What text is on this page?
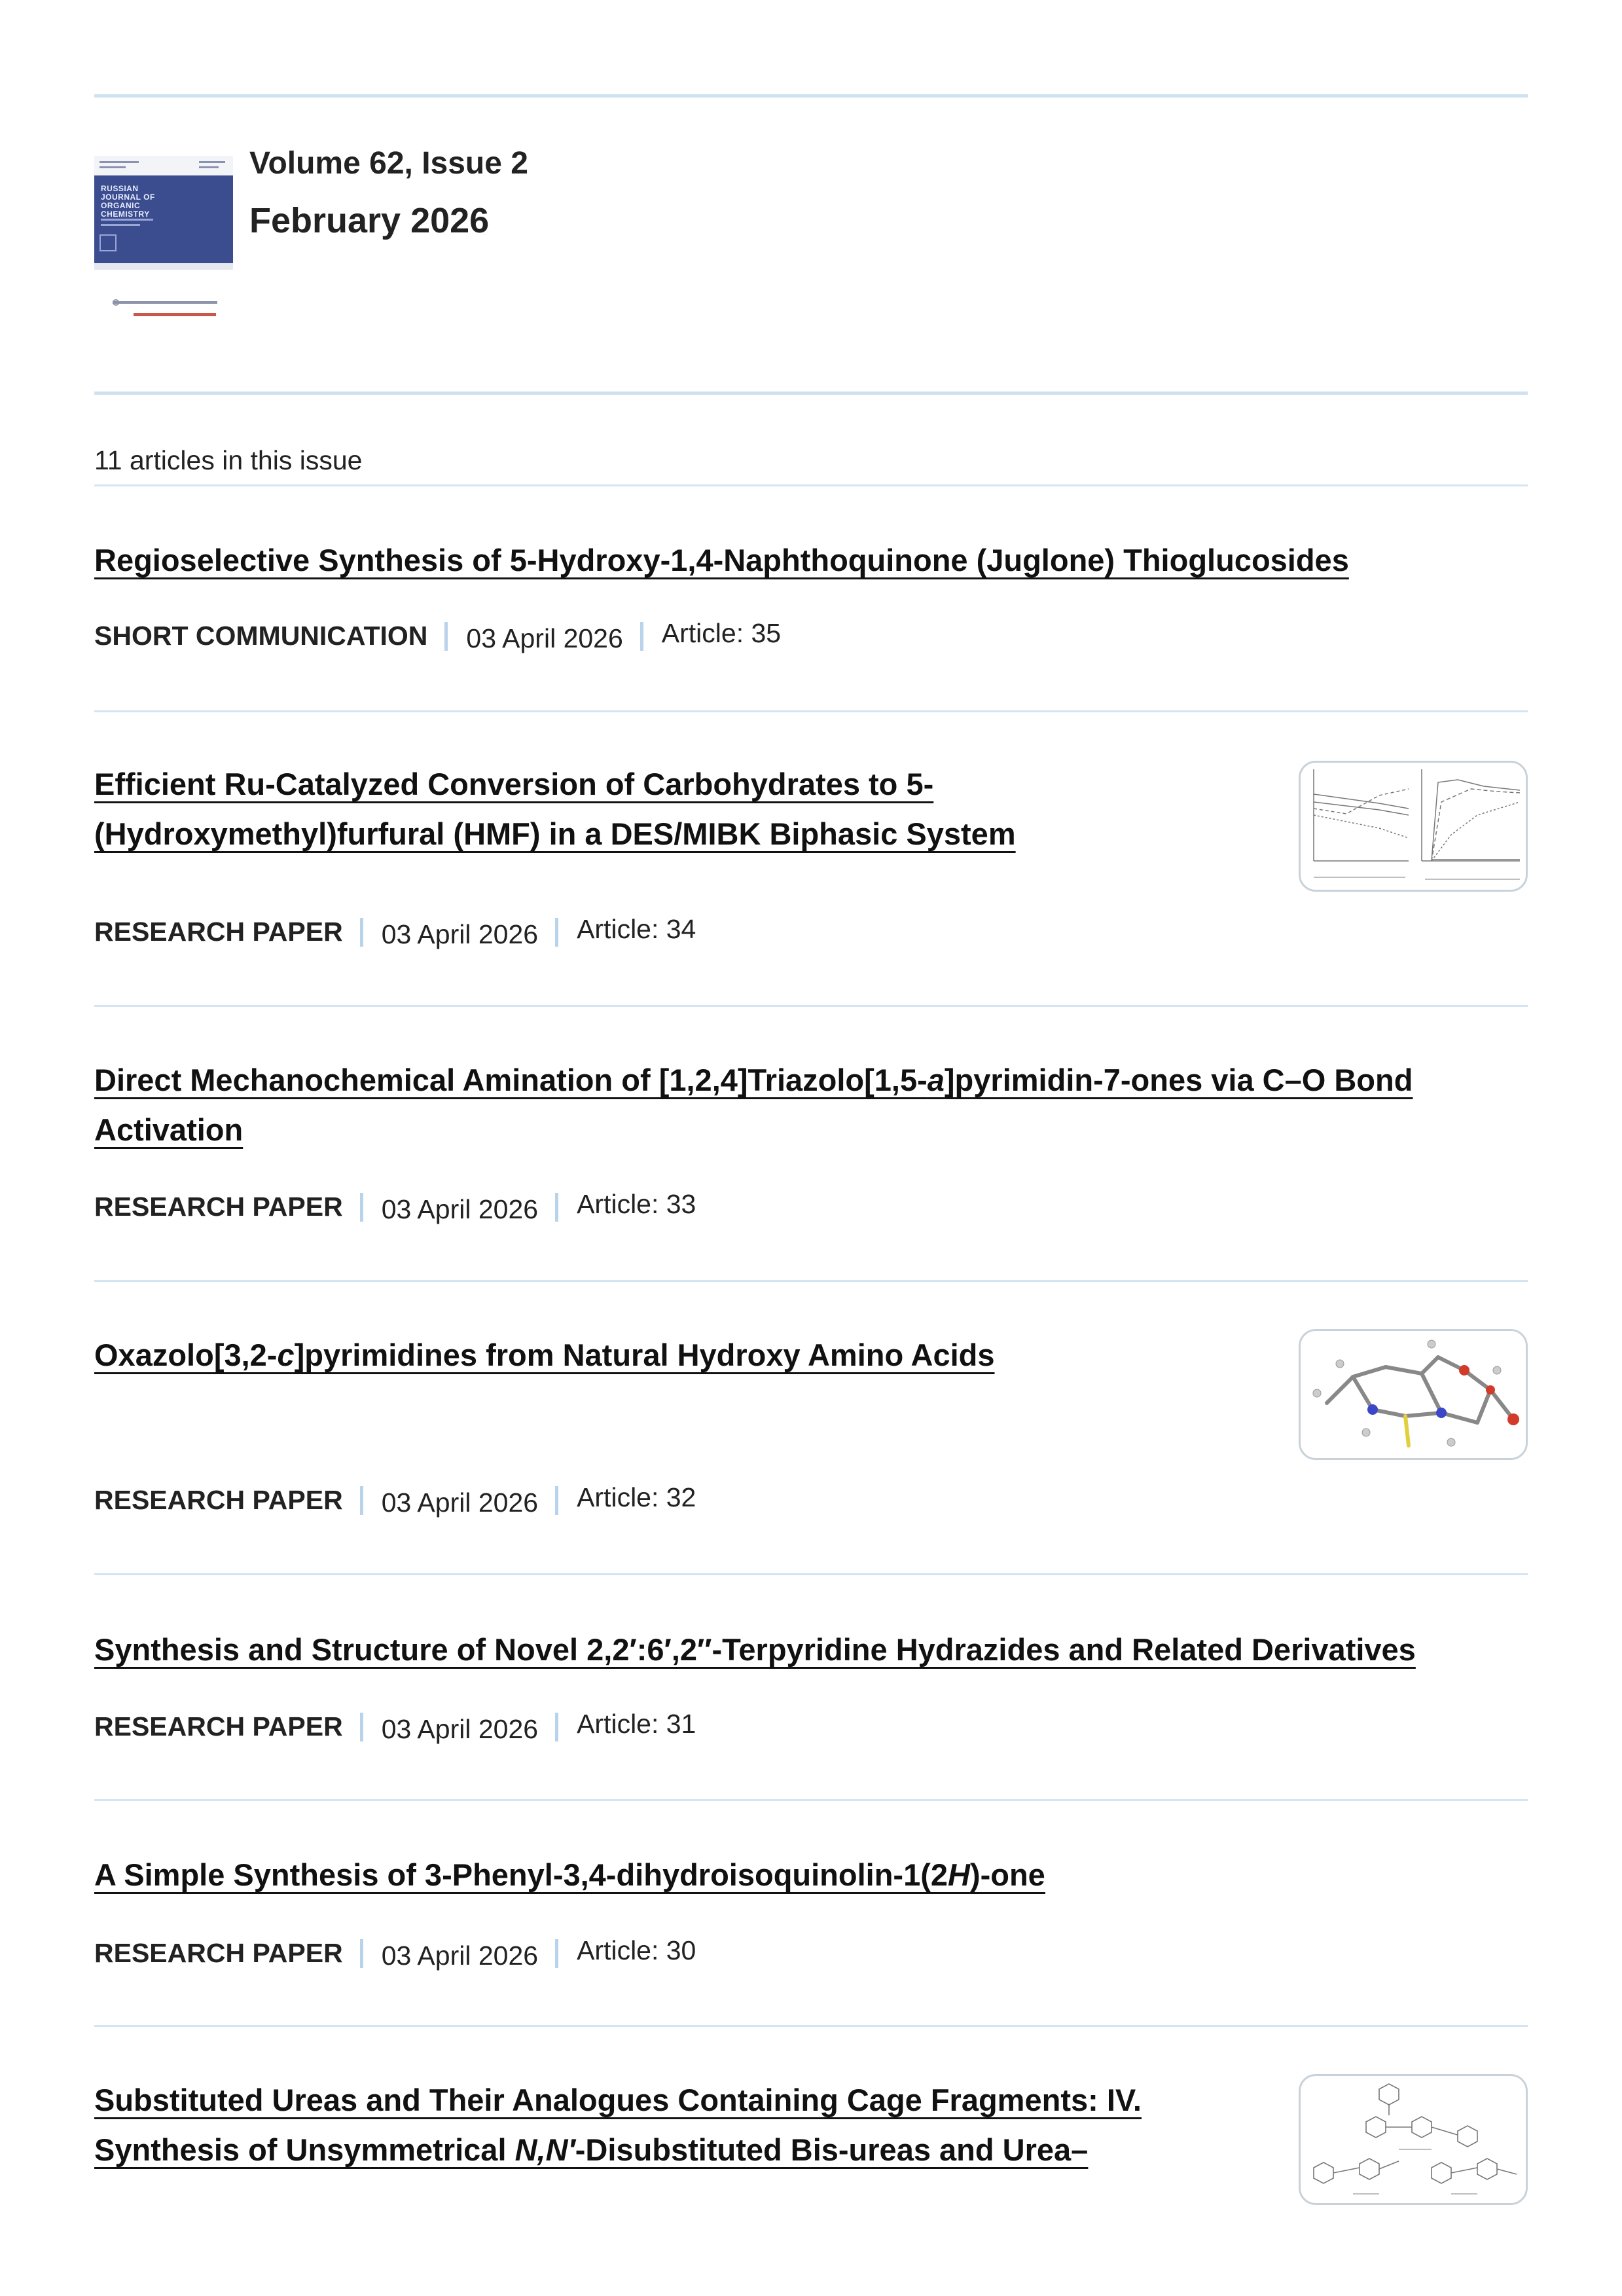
RUSSIAN JOURNAL OF ORGANIC CHEMISTRY
Volume 62, Issue 2
February 2026
11 articles in this issue
Regioselective Synthesis of 5-Hydroxy-1,4-Naphthoquinone (Juglone) Thioglucosides
SHORT COMMUNICATION 03 April 2026 Article: 35
Efficient Ru-Catalyzed Conversion of Carbohydrates to 5-
(Hydroxymethyl)furfural (HMF) in a DES/MIBK Biphasic System
RESEARCH PAPER 03 April 2026 Article: 34
Direct Mechanochemical Amination of [1,2,4]Triazolo[1,5-a]pyrimidin-7-ones via C–O Bond
Activation
RESEARCH PAPER 03 April 2026 Article: 33
Oxazolo[3,2-c]pyrimidines from Natural Hydroxy Amino Acids
RESEARCH PAPER 03 April 2026 Article: 32
Synthesis and Structure of Novel 2,2′:6′,2″-Terpyridine Hydrazides and Related Derivatives
RESEARCH PAPER 03 April 2026 Article: 31
A Simple Synthesis of 3-Phenyl-3,4-dihydroisoquinolin-1(2H)-one
RESEARCH PAPER 03 April 2026 Article: 30
Substituted Ureas and Their Analogues Containing Cage Fragments: IV.
Synthesis of Unsymmetrical N,N′-Disubstituted Bis-ureas and Urea–
